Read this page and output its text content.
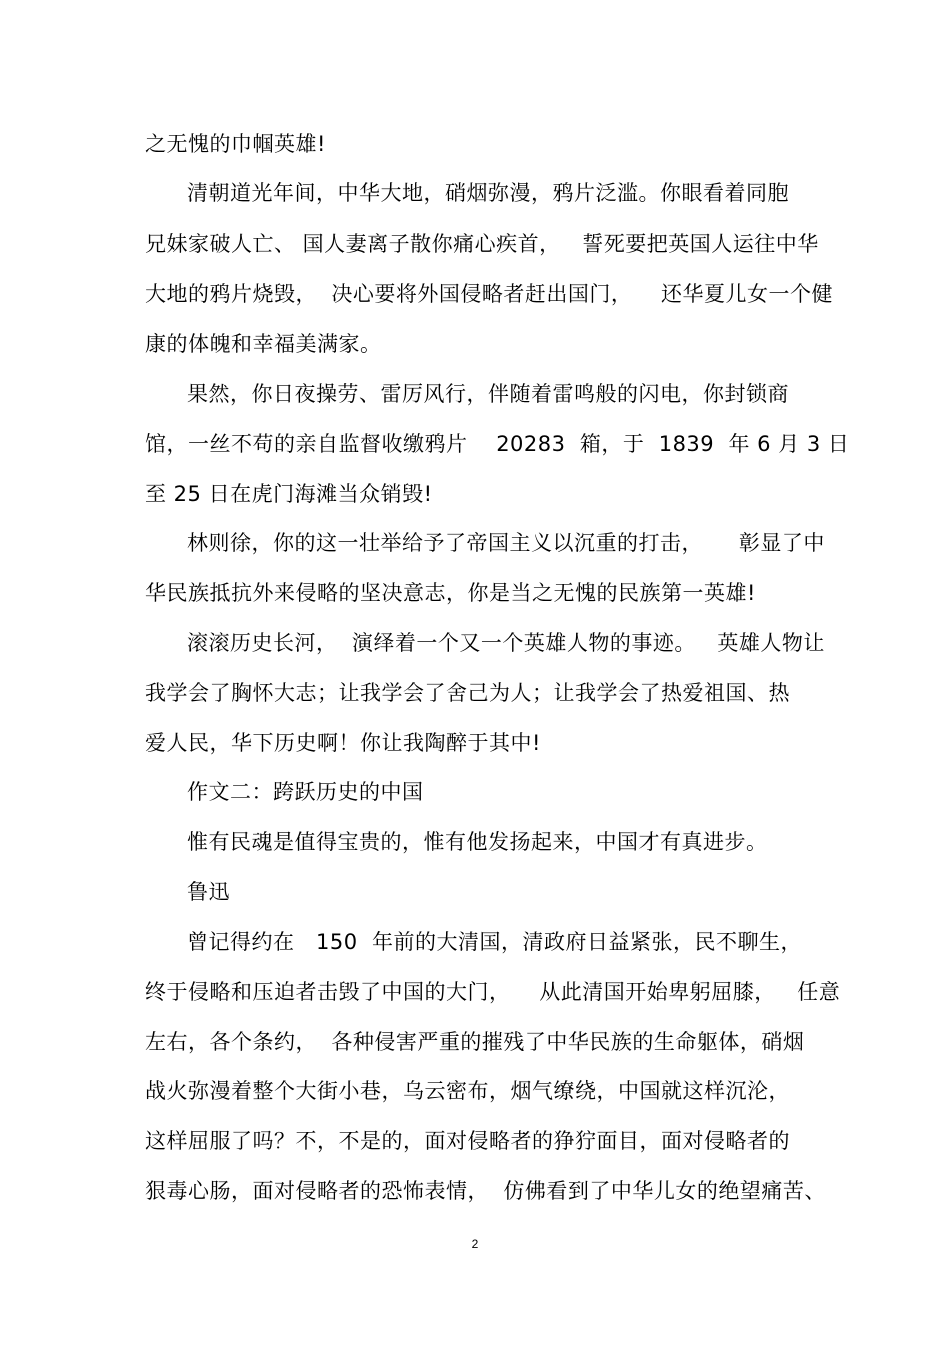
之无愧的巾帼英雄!
清朝道光年间，中华大地，硝烟弥漫，鸦片泛滥。你眼看着同胞
兄妹家破人亡、 国人妻离子散你痛心疾首，   誓死要把英国人运往中华
大地的鸦片烧毁，  决心要将外国侵略者赶出国门，    还华夏儿女一个健
康的体魄和幸福美满家。
果然，你日夜操劳、雷厉风行，伴随着雷鸣般的闪电，你封锁商
馆，一丝不苟的亲自监督收缴鸦片    20283  箱，于  1839  年 6 月 3 日
至 25 日在虎门海滩当众销毁!
林则徐，你的这一壮举给予了帝国主义以沉重的打击，     彰显了中
华民族抵抗外来侵略的坚决意志，你是当之无愧的民族第一英雄!
滚滚历史长河，  演绎着一个又一个英雄人物的事迹。   英雄人物让
我学会了胸怀大志；让我学会了舍己为人；让我学会了热爱祖国、热
爱人民，华下历史啊！你让我陶醉于其中!
作文二：跨跃历史的中国
惟有民魂是值得宝贵的，惟有他发扬起来，中国才有真进步。
鲁迅
曾记得约在   150  年前的大清国，清政府日益紧张，民不聊生，
终于侵略和压迫者击毁了中国的大门，    从此清国开始卑躬屈膝，   任意
左右，各个条约，  各种侵害严重的摧残了中华民族的生命躯体，硝烟
战火弥漫着整个大街小巷，乌云密布，烟气缭绕，中国就这样沉沦，
这样屈服了吗？不，不是的，面对侵略者的狰狞面目，面对侵略者的
狠毒心肠，面对侵略者的恐怖表情，  仿佛看到了中华儿女的绝望痛苦、
2
